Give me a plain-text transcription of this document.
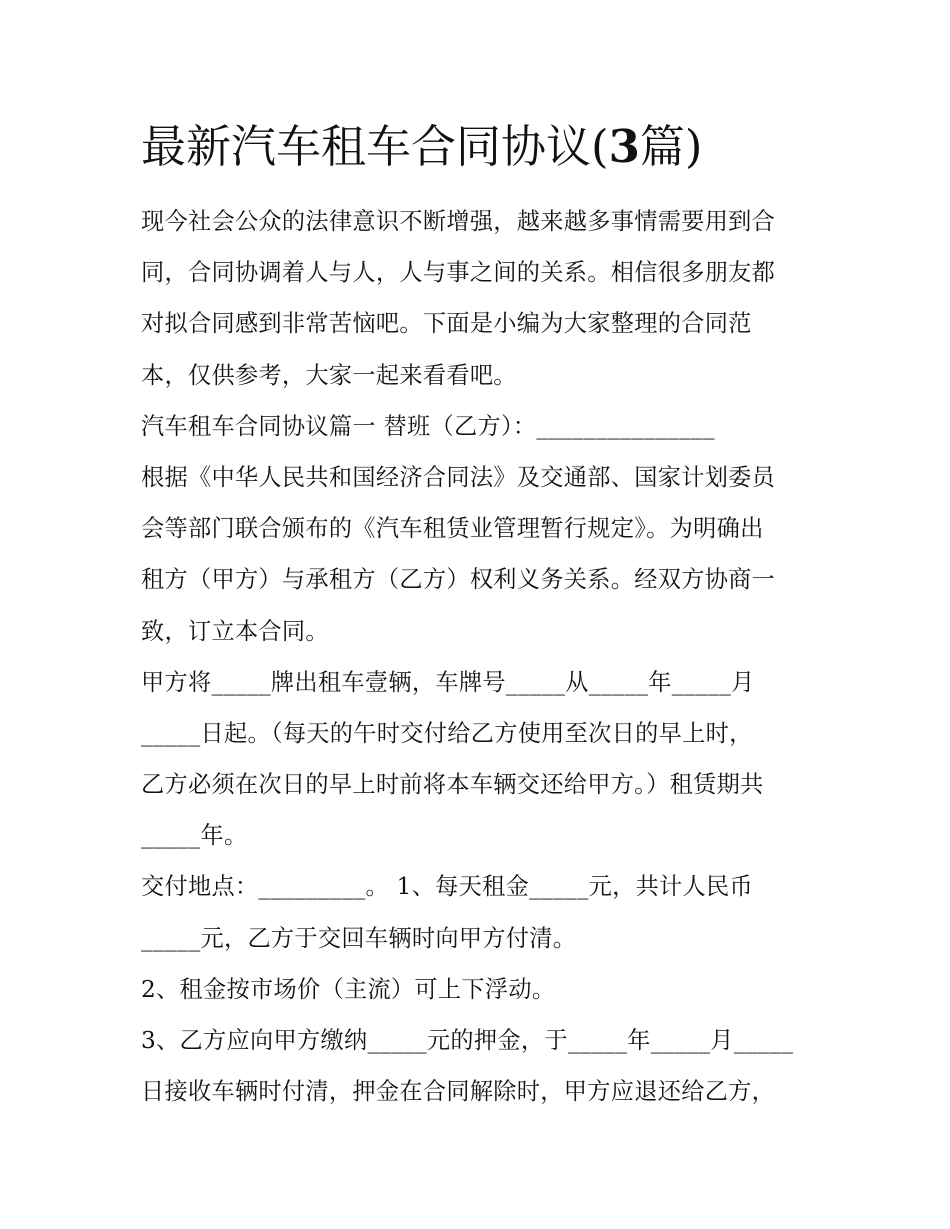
最新汽车租车合同协议(3篇)
现今社会公众的法律意识不断增强，越来越多事情需要用到合
同，合同协调着人与人，人与事之间的关系。相信很多朋友都
对拟合同感到非常苦恼吧。下面是小编为大家整理的合同范
本，仅供参考，大家一起来看看吧。
汽车租车合同协议篇一 替班（乙方）：_______________
根据《中华人民共和国经济合同法》及交通部、国家计划委员
会等部门联合颁布的《汽车租赁业管理暂行规定》。为明确出
租方（甲方）与承租方（乙方）权利义务关系。经双方协商一
致，订立本合同。
甲方将_____牌出租车壹辆，车牌号_____从_____年_____月
_____日起。（每天的午时交付给乙方使用至次日的早上时，
乙方必须在次日的早上时前将本车辆交还给甲方。）租赁期共
_____年。
交付地点：_________。 1、每天租金_____元，共计人民币
_____元，乙方于交回车辆时向甲方付清。
2、租金按市场价（主流）可上下浮动。
3、乙方应向甲方缴纳_____元的押金，于_____年_____月_____
日接收车辆时付清，押金在合同解除时，甲方应退还给乙方，
